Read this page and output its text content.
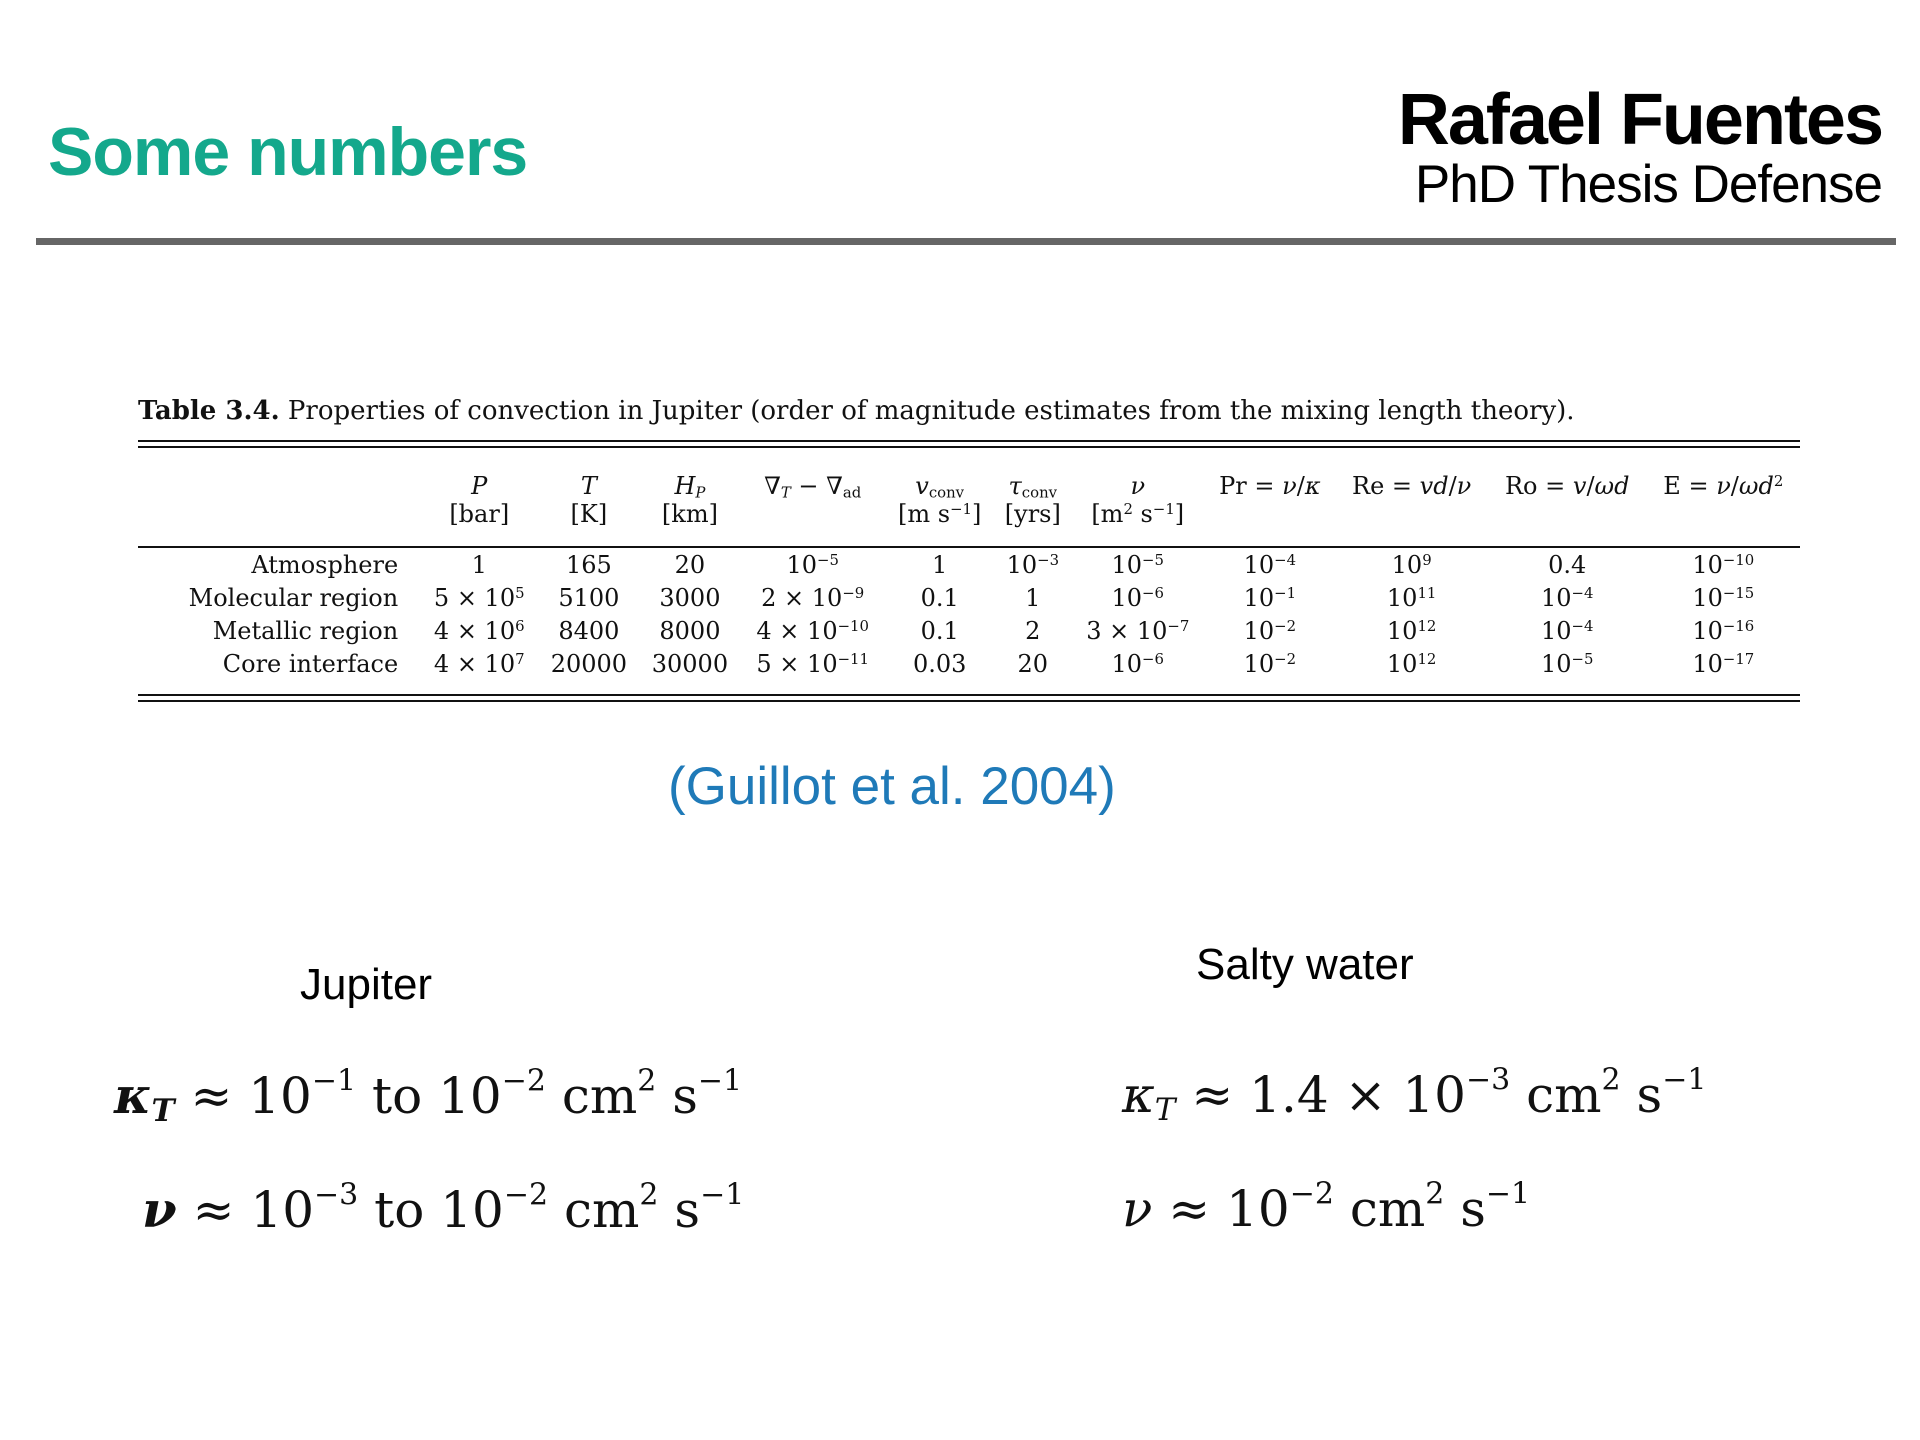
Some numbers	Rafael Fuentes
PhD Thesis Defense
Table 3.4. Properties of convection in Jupiter (order of magnitude estimates from the mixing length theory).
	P	T	$H_P$	$\nabla_T - \nabla_{ad}$	$v_{conv}$	$\tau_{conv}$	ν	Pr = ν/κ	Re = vd/ν	Ro = v/ωd	$E = \nu/\omega d^2$
	[bar]	[K]	[km]		[m $s^{-1}$]	[yrs]	[$m^2$ $s^{-1}$]				

Atmosphere	1	165	20	$10^{-5}$	1	$10^{-3}$	$10^{-5}$	$10^{-4}$	$10^9$	0.4	$10^{-10}$
Molecular region	$5 \times 10^5$	5100	3000	$2 \times 10^{-9}$	0.1	1	$10^{-6}$	$10^{-1}$	$10^{11}$	$10^{-4}$	$10^{-15}$
Metallic region	$4 \times 10^6$	8400	8000	$4 \times 10^{-10}$	0.1	2	$3 \times 10^{-7}$	$10^{-2}$	$10^{12}$	$10^{-4}$	$10^{-16}$
Core interface	$4 \times 10^7$	20000	30000	$5 \times 10^{-11}$	0.03	20	$10^{-6}$	$10^{-2}$	$10^{12}$	$10^{-5}$	$10^{-17}$
(Guillot et al. 2004)
Jupiter	Salty water
$\kappa_T \approx 10^{-1}$ to $10^{-2}$ $cm^2$ $s^{-1}$
$\nu \approx 10^{-3}$ to $10^{-2}$ $cm^2$ $s^{-1}$
$\kappa_T \approx 1.4 \times 10^{-3}$ $cm^2$ $s^{-1}$
$\nu \approx 10^{-2}$ $cm^2$ $s^{-1}$
